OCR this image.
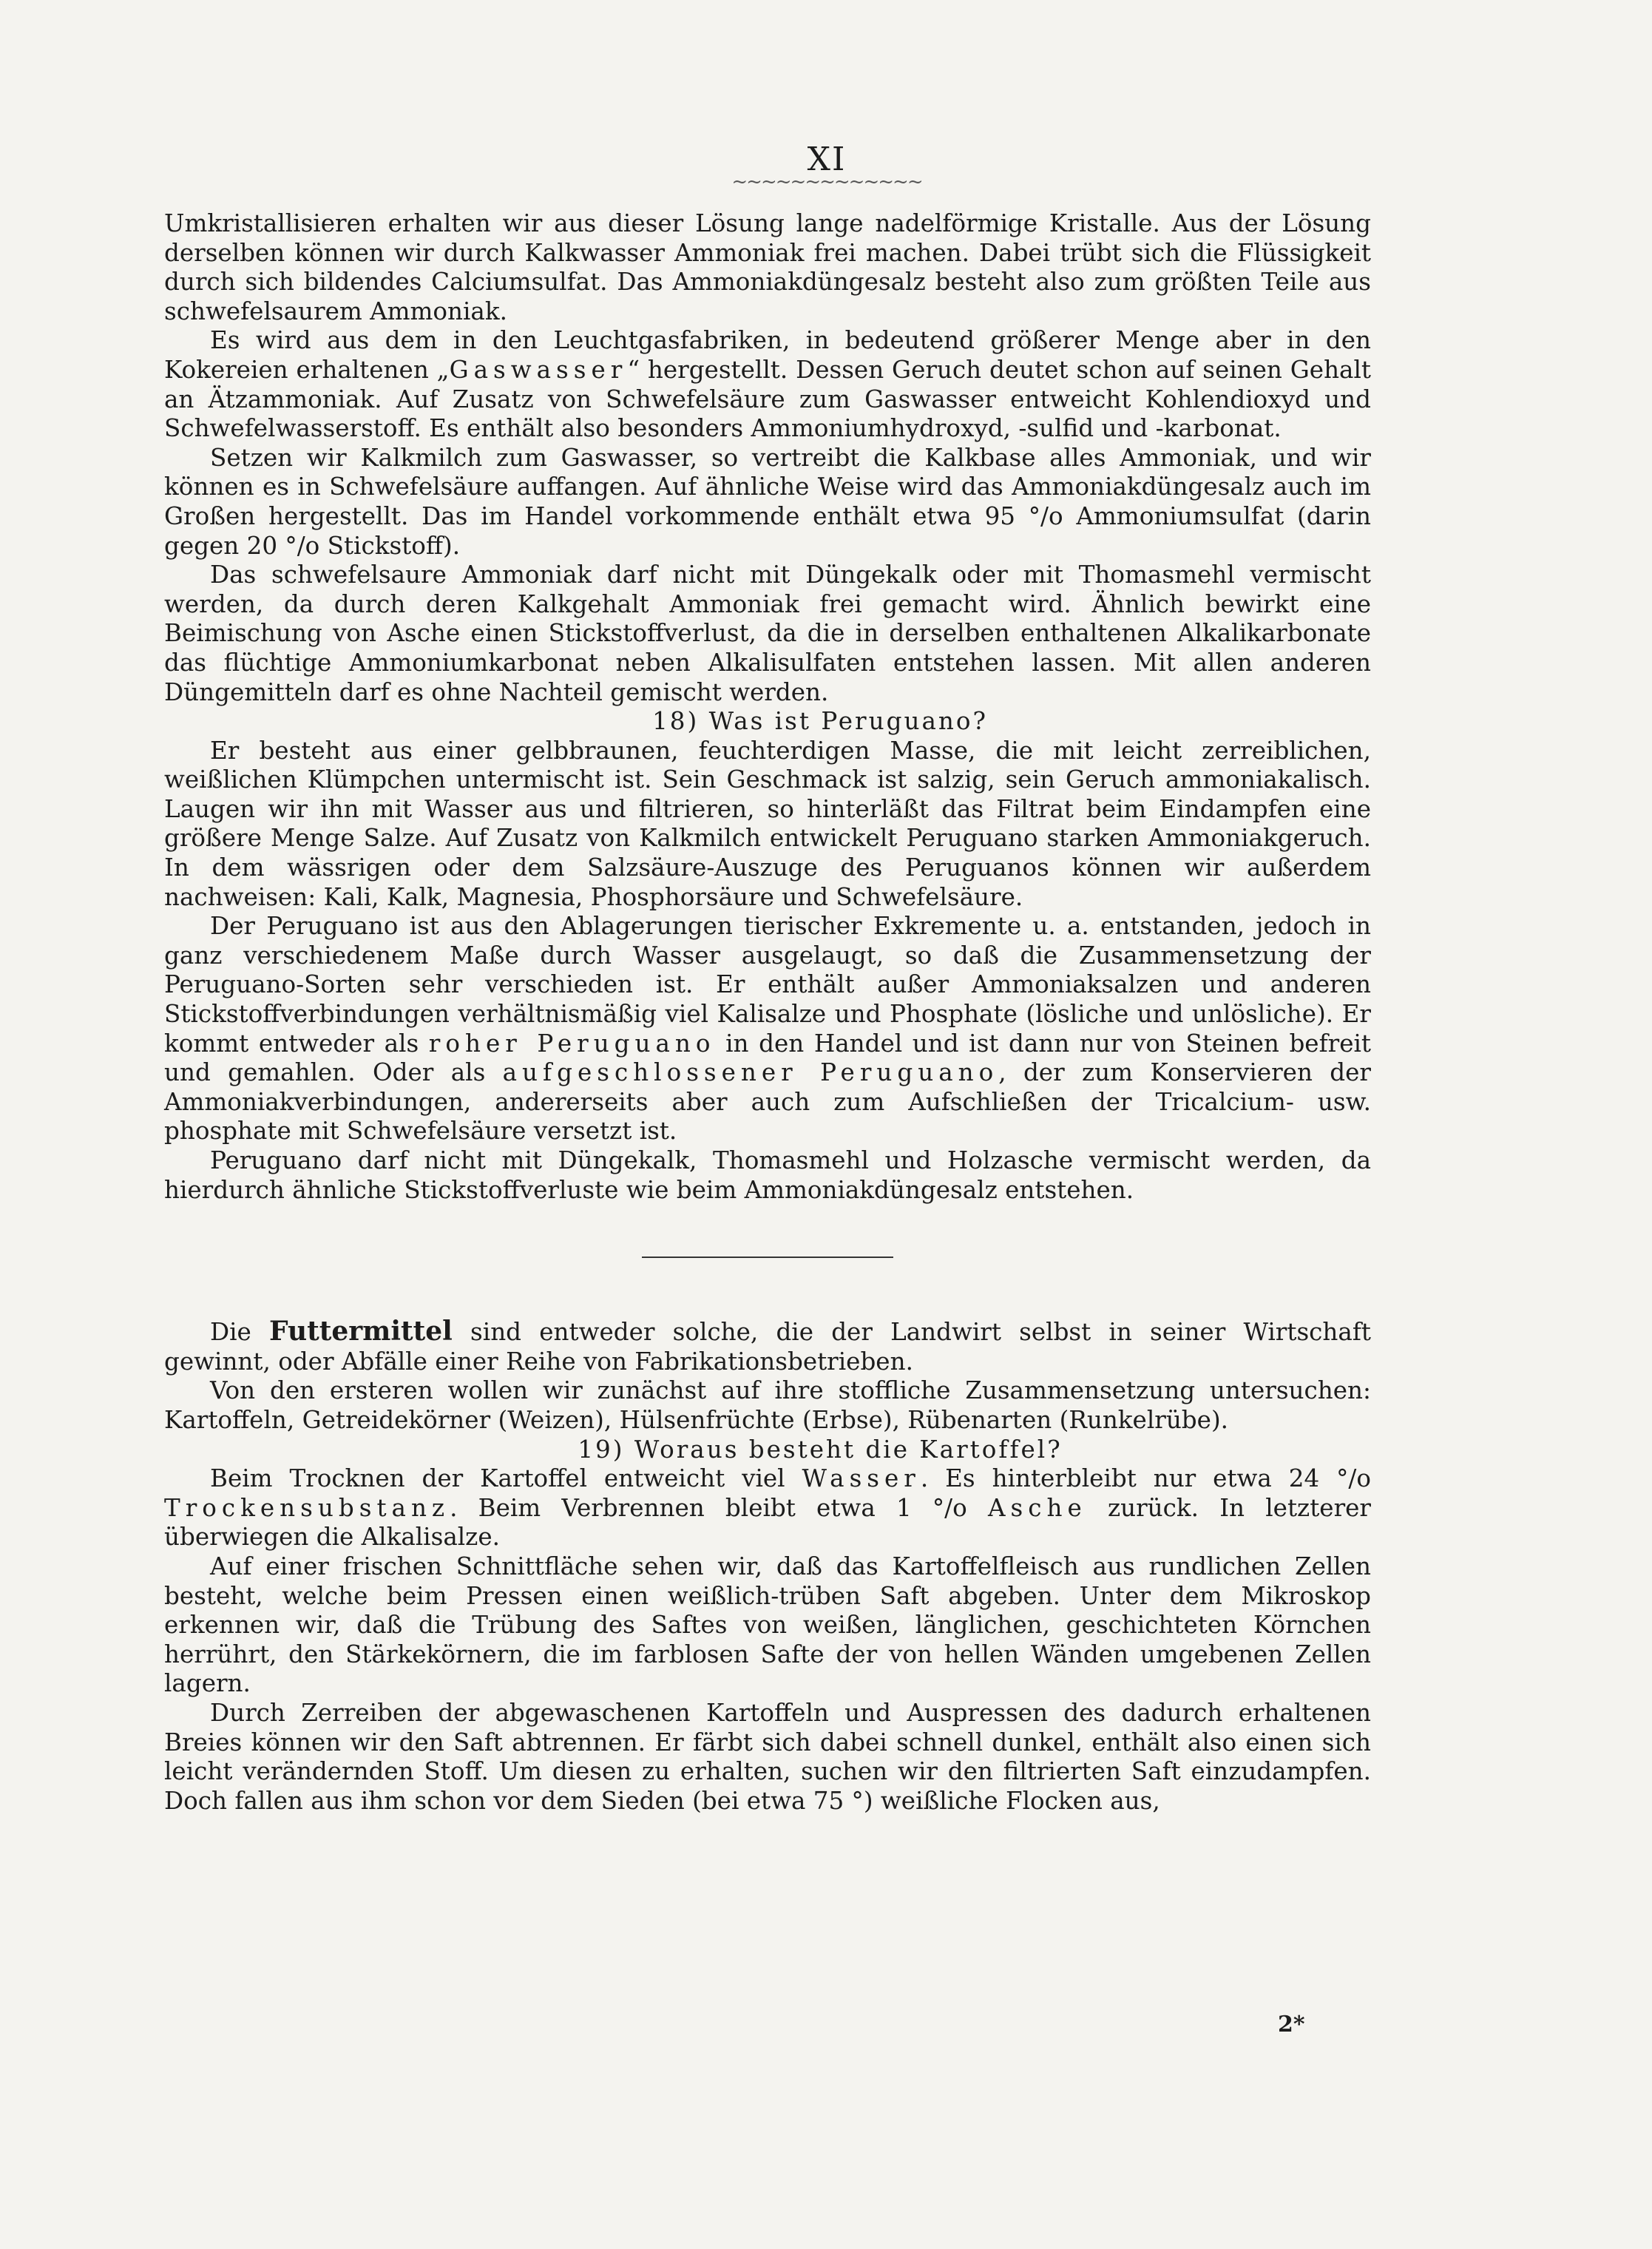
XI

~~~~~~~~~~~~~

Umkristallisieren erhalten wir aus dieser Lösung lange nadelförmige Kristalle. Aus der Lösung derselben können wir durch Kalkwasser Ammoniak frei machen. Dabei trübt sich die Flüssigkeit durch sich bildendes Calciumsulfat. Das Ammoniakdüngesalz besteht also zum größten Teile aus schwefelsaurem Ammoniak.

Es wird aus dem in den Leuchtgasfabriken, in bedeutend größerer Menge aber in den Kokereien erhaltenen „Gaswasser“ hergestellt. Dessen Geruch deutet schon auf seinen Gehalt an Ätzammoniak. Auf Zusatz von Schwefelsäure zum Gaswasser entweicht Kohlendioxyd und Schwefelwasserstoff. Es enthält also besonders Ammoniumhydroxyd, -sulfid und -karbonat.

Setzen wir Kalkmilch zum Gaswasser, so vertreibt die Kalkbase alles Ammoniak, und wir können es in Schwefelsäure auffangen. Auf ähnliche Weise wird das Ammoniakdüngesalz auch im Großen hergestellt. Das im Handel vorkommende enthält etwa 95 °/o Ammoniumsulfat (darin gegen 20 °/o Stickstoff).

Das schwefelsaure Ammoniak darf nicht mit Düngekalk oder mit Thomasmehl vermischt werden, da durch deren Kalkgehalt Ammoniak frei gemacht wird. Ähnlich bewirkt eine Beimischung von Asche einen Stickstoffverlust, da die in derselben enthaltenen Alkalikarbonate das flüchtige Ammoniumkarbonat neben Alkalisulfaten entstehen lassen. Mit allen anderen Düngemitteln darf es ohne Nachteil gemischt werden.

18) Was ist Peruguano?

Er besteht aus einer gelbbraunen, feuchterdigen Masse, die mit leicht zerreiblichen, weißlichen Klümpchen untermischt ist. Sein Geschmack ist salzig, sein Geruch ammoniakalisch. Laugen wir ihn mit Wasser aus und filtrieren, so hinterläßt das Filtrat beim Eindampfen eine größere Menge Salze. Auf Zusatz von Kalkmilch entwickelt Peruguano starken Ammoniakgeruch. In dem wässrigen oder dem Salzsäure-Auszuge des Peruguanos können wir außerdem nachweisen: Kali, Kalk, Magnesia, Phosphorsäure und Schwefelsäure.

Der Peruguano ist aus den Ablagerungen tierischer Exkremente u. a. entstanden, jedoch in ganz verschiedenem Maße durch Wasser ausgelaugt, so daß die Zusammensetzung der Peruguano-Sorten sehr verschieden ist. Er enthält außer Ammoniaksalzen und anderen Stickstoffverbindungen verhältnismäßig viel Kalisalze und Phosphate (lösliche und unlösliche). Er kommt entweder als roher Peruguano in den Handel und ist dann nur von Steinen befreit und gemahlen. Oder als aufgeschlossener Peruguano, der zum Konservieren der Ammoniakverbindungen, andererseits aber auch zum Aufschließen der Tricalcium- usw. phosphate mit Schwefelsäure versetzt ist.

Peruguano darf nicht mit Düngekalk, Thomasmehl und Holzasche vermischt werden, da hierdurch ähnliche Stickstoffverluste wie beim Ammoniakdüngesalz entstehen.

Die Futtermittel sind entweder solche, die der Landwirt selbst in seiner Wirtschaft gewinnt, oder Abfälle einer Reihe von Fabrikationsbetrieben.

Von den ersteren wollen wir zunächst auf ihre stoffliche Zusammensetzung untersuchen: Kartoffeln, Getreidekörner (Weizen), Hülsenfrüchte (Erbse), Rübenarten (Runkelrübe).

19) Woraus besteht die Kartoffel?

Beim Trocknen der Kartoffel entweicht viel Wasser. Es hinterbleibt nur etwa 24 °/o Trockensubstanz. Beim Verbrennen bleibt etwa 1 °/o Asche zurück. In letzterer überwiegen die Alkalisalze.

Auf einer frischen Schnittfläche sehen wir, daß das Kartoffelfleisch aus rundlichen Zellen besteht, welche beim Pressen einen weißlich-trüben Saft abgeben. Unter dem Mikroskop erkennen wir, daß die Trübung des Saftes von weißen, länglichen, geschichteten Körnchen herrührt, den Stärkekörnern, die im farblosen Safte der von hellen Wänden umgebenen Zellen lagern.

Durch Zerreiben der abgewaschenen Kartoffeln und Auspressen des dadurch erhaltenen Breies können wir den Saft abtrennen. Er färbt sich dabei schnell dunkel, enthält also einen sich leicht verändernden Stoff. Um diesen zu erhalten, suchen wir den filtrierten Saft einzudampfen. Doch fallen aus ihm schon vor dem Sieden (bei etwa 75 °) weißliche Flocken aus,

2*
